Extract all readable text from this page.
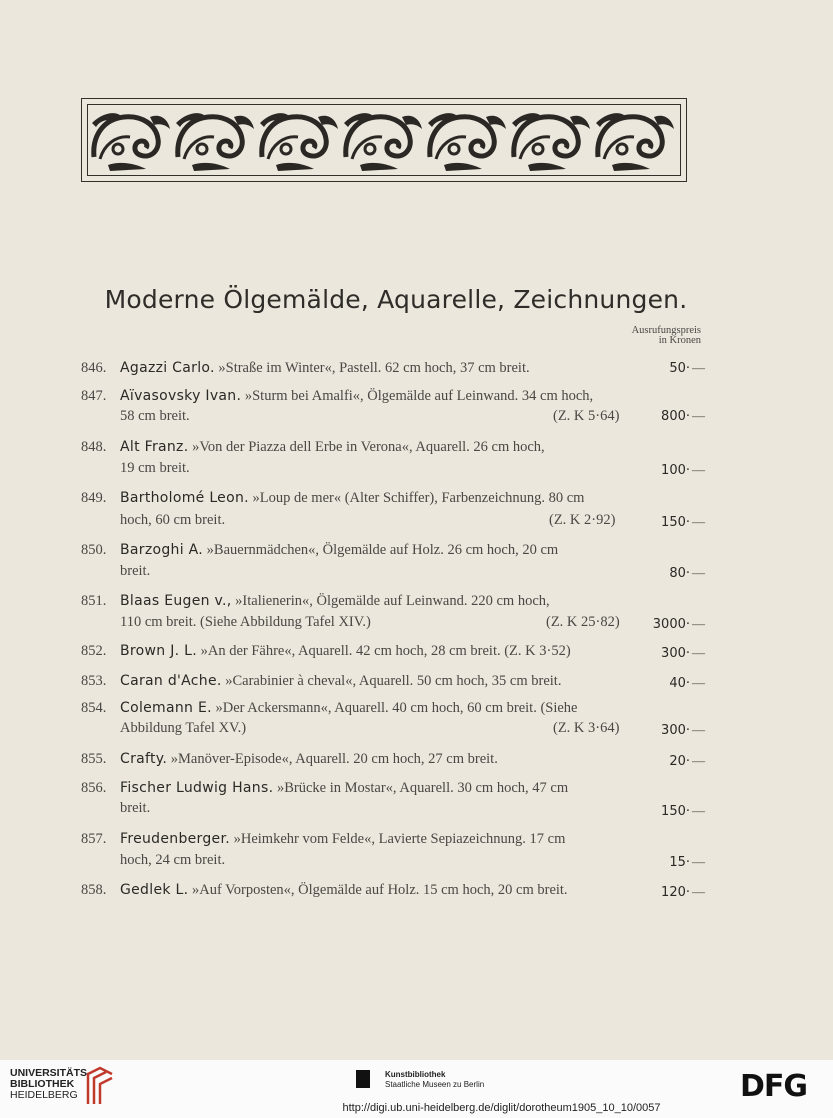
Moderne Ölgemälde, Aquarelle, Zeichnungen.
Ausrufungspreis
in Kronen
846. Agazzi Carlo. »Straße im Winter«, Pastell. 62 cm hoch, 37 cm breit.	50· —
847. Aïvasovsky Ivan. »Sturm bei Amalfi«, Ölgemälde auf Leinwand. 34 cm hoch,
58 cm breit.	(Z. K 5·64)	800· —
848. Alt Franz. »Von der Piazza dell Erbe in Verona«, Aquarell. 26 cm hoch,
19 cm breit.	100· —
849. Bartholomé Leon. »Loup de mer« (Alter Schiffer), Farbenzeichnung. 80 cm
hoch, 60 cm breit.	(Z. K 2·92)	150· —
850. Barzoghi A. »Bauernmädchen«, Ölgemälde auf Holz. 26 cm hoch, 20 cm
breit.	80· —
851. Blaas Eugen v., »Italienerin«, Ölgemälde auf Leinwand. 220 cm hoch,
110 cm breit. (Siehe Abbildung Tafel XIV.)	(Z. K 25·82)	3000· —
852. Brown J. L. »An der Fähre«, Aquarell. 42 cm hoch, 28 cm breit. (Z. K 3·52)	300· —
853. Caran d'Ache. »Carabinier à cheval«, Aquarell. 50 cm hoch, 35 cm breit.	40· —
854. Colemann E. »Der Ackersmann«, Aquarell. 40 cm hoch, 60 cm breit. (Siehe
Abbildung Tafel XV.)	(Z. K 3·64)	300· —
855. Crafty. »Manöver-Episode«, Aquarell. 20 cm hoch, 27 cm breit.	20· —
856. Fischer Ludwig Hans. »Brücke in Mostar«, Aquarell. 30 cm hoch, 47 cm
breit.	150· —
857. Freudenberger. »Heimkehr vom Felde«, Lavierte Sepiazeichnung. 17 cm
hoch, 24 cm breit.	15· —
858. Gedlek L. »Auf Vorposten«, Ölgemälde auf Holz. 15 cm hoch, 20 cm breit.	120· —
UNIVERSITÄTS-
BIBLIOTHEK
HEIDELBERG
Kunstbibliothek
Staatliche Museen zu Berlin	DFG
http://digi.ub.uni-heidelberg.de/diglit/dorotheum1905_10_10/0057
